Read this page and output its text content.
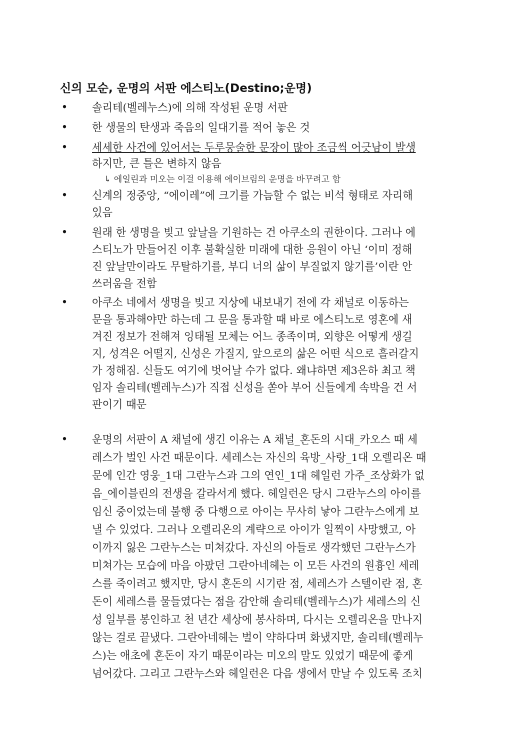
신의 모순, 운명의 서판 에스티노(Destino;운명)
• 솔리테(벨레누스)에 의해 작성된 운명 서판
• 한 생물의 탄생과 죽음의 일대기를 적어 놓은 것
• 세세한 사건에 있어서는 두루뭉술한 문장이 많아 조금씩 어긋남이 발생
하지만, 큰 틀은 변하지 않음
↳ 에일린과 미오는 이걸 이용해 에이브림의 운명을 바꾸려고 함
• 신계의 정중앙, “에이레”에 크기를 가늠할 수 없는 비석 형태로 자리해
있음
• 원래 한 생명을 빚고 앞날을 기원하는 건 아쿠소의 권한이다. 그러나 에
스티노가 만들어진 이후 불확실한 미래에 대한 응원이 아닌 ‘이미 정해
진 앞날만이라도 무탈하기를, 부디 너의 삶이 부질없지 않기를’이란 안
쓰러움을 전함
• 아쿠소 네에서 생명을 빚고 지상에 내보내기 전에 각 채널로 이동하는
문을 통과해야만 하는데 그 문을 통과할 때 바로 에스티노로 영혼에 새
겨진 정보가 전해져 잉태될 모체는 어느 종족이며, 외향은 어떻게 생길
지, 성격은 어떨지, 신성은 가질지, 앞으로의 삶은 어떤 식으로 흘러갈지
가 정해짐. 신들도 여기에 벗어날 수가 없다. 왜냐하면 제3은하 최고 책
임자 솔리테(벨레누스)가 직접 신성을 쏟아 부어 신들에게 속박을 건 서
판이기 때문
• 운명의 서판이 A 채널에 생긴 이유는 A 채널_혼돈의 시대_카오스 때 세
레스가 벌인 사건 때문이다. 세레스는 자신의 육방_사랑_1대 오렐리온 때
문에 인간 영웅_1대 그란누스과 그의 연인_1대 헤일런 가주_조상화가 없
음_에이블린의 전생을 갈라서게 했다. 헤일런은 당시 그란누스의 아이를
임신 중이었는데 불행 중 다행으로 아이는 무사히 낳아 그란누스에게 보
낼 수 있었다. 그러나 오렐리온의 계략으로 아이가 일찍이 사망했고, 아
이까지 잃은 그란누스는 미쳐갔다. 자신의 아들로 생각했던 그란누스가
미쳐가는 모습에 마음 아팠던 그란아네헤는 이 모든 사건의 원흉인 세레
스를 죽이려고 했지만, 당시 혼돈의 시기란 점, 세레스가 스텔이란 점, 혼
돈이 세레스를 물들였다는 점을 감안해 솔리테(벨레누스)가 세레스의 신
성 일부를 봉인하고 천 년간 세상에 봉사하며, 다시는 오렐리온을 만나지
않는 걸로 끝냈다. 그란아네헤는 벌이 약하다며 화냈지만, 솔리테(벨레누
스)는 애초에 혼돈이 자기 때문이라는 미오의 말도 있었기 때문에 좋게
넘어갔다. 그리고 그란누스와 헤일런은 다음 생에서 만날 수 있도록 조치
